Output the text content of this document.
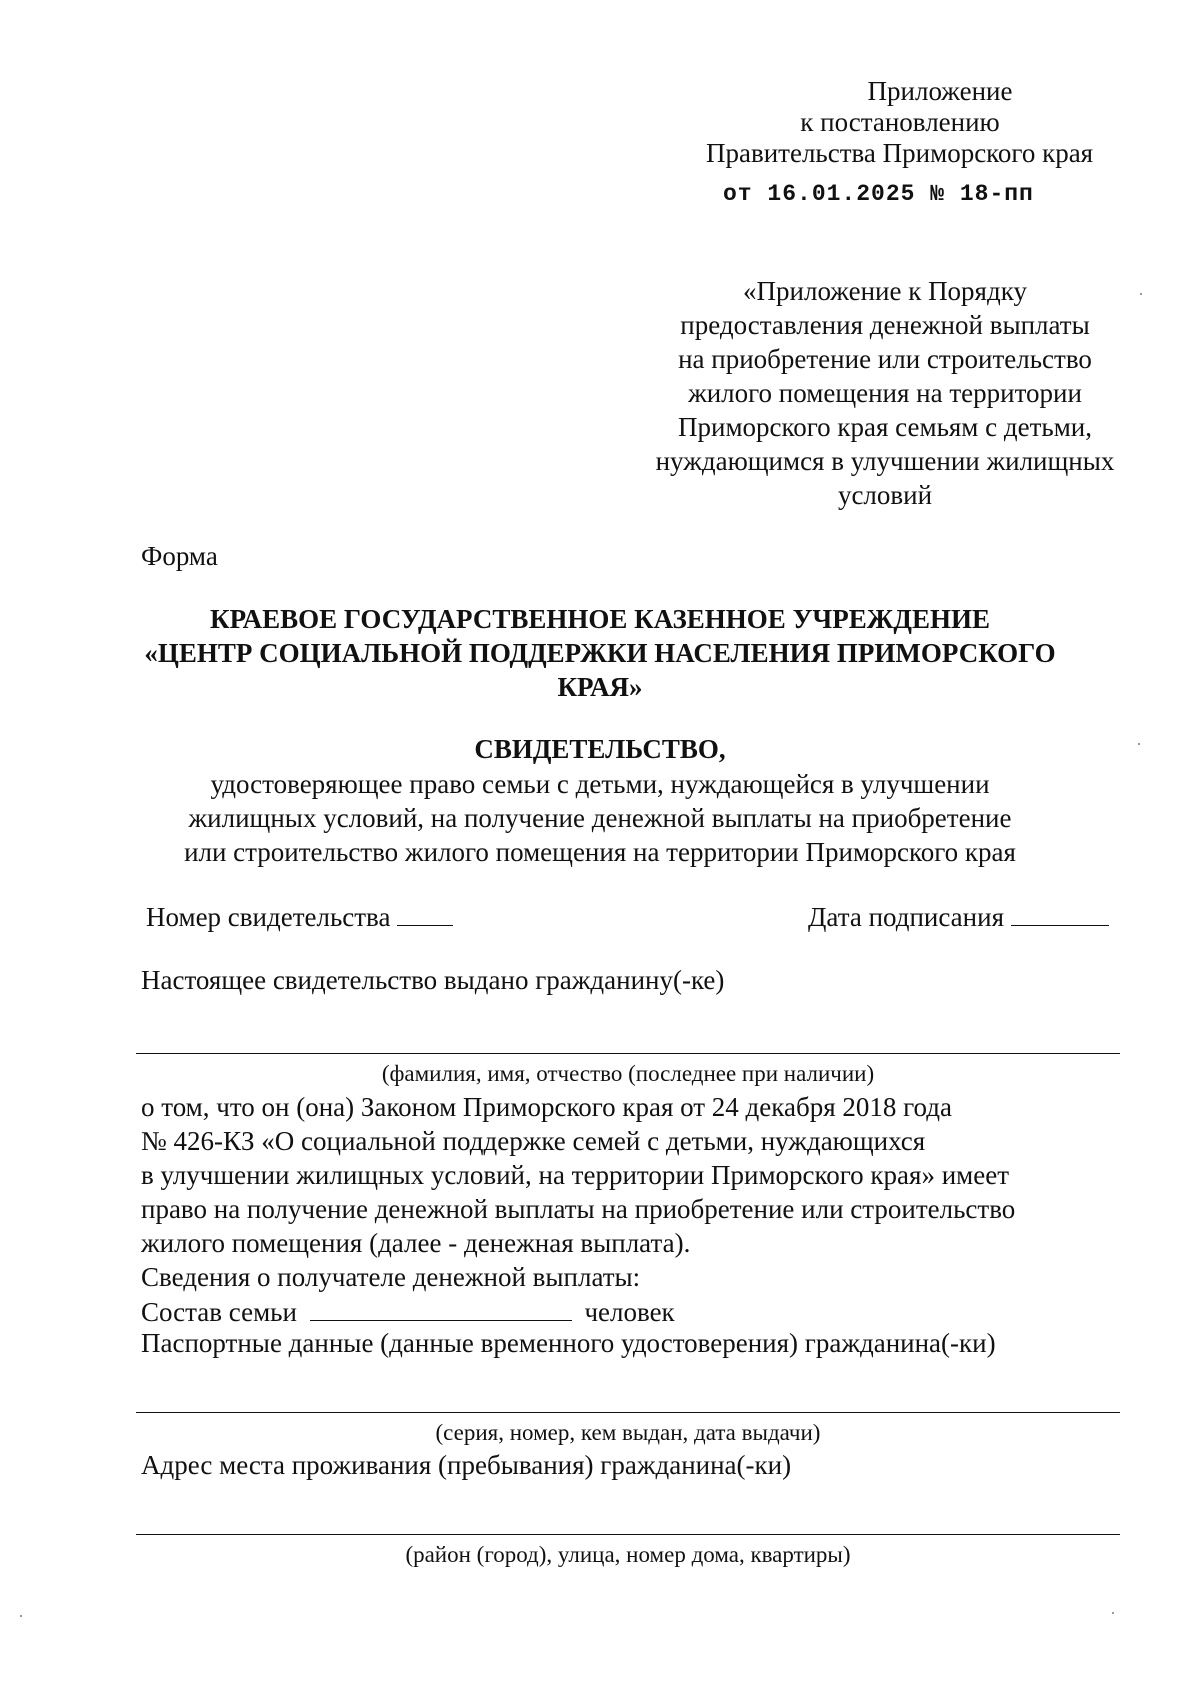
Приложение
к постановлению
Правительства Приморского края
от 16.01.2025 № 18-пп
«Приложение к Порядку
предоставления денежной выплаты
на приобретение или строительство
жилого помещения на территории
Приморского края семьям с детьми,
нуждающимся в улучшении жилищных
условий
Форма
КРАЕВОЕ ГОСУДАРСТВЕННОЕ КАЗЕННОЕ УЧРЕЖДЕНИЕ
«ЦЕНТР СОЦИАЛЬНОЙ ПОДДЕРЖКИ НАСЕЛЕНИЯ ПРИМОРСКОГО
КРАЯ»
СВИДЕТЕЛЬСТВО,
удостоверяющее право семьи с детьми, нуждающейся в улучшении
жилищных условий, на получение денежной выплаты на приобретение
или строительство жилого помещения на территории Приморского края
Номер свидетельства	Дата подписания
Настоящее свидетельство выдано гражданину(-ке)
(фамилия, имя, отчество (последнее при наличии)
о том, что он (она) Законом Приморского края от 24 декабря 2018 года
№ 426-КЗ «О социальной поддержке семей с детьми, нуждающихся
в улучшении жилищных условий, на территории Приморского края» имеет
право на получение денежной выплаты на приобретение или строительство
жилого помещения (далее - денежная выплата).
Сведения о получателе денежной выплаты:
Состав семьи	человек
Паспортные данные (данные временного удостоверения) гражданина(-ки)
(серия, номер, кем выдан, дата выдачи)
Адрес места проживания (пребывания) гражданина(-ки)
(район (город), улица, номер дома, квартиры)
